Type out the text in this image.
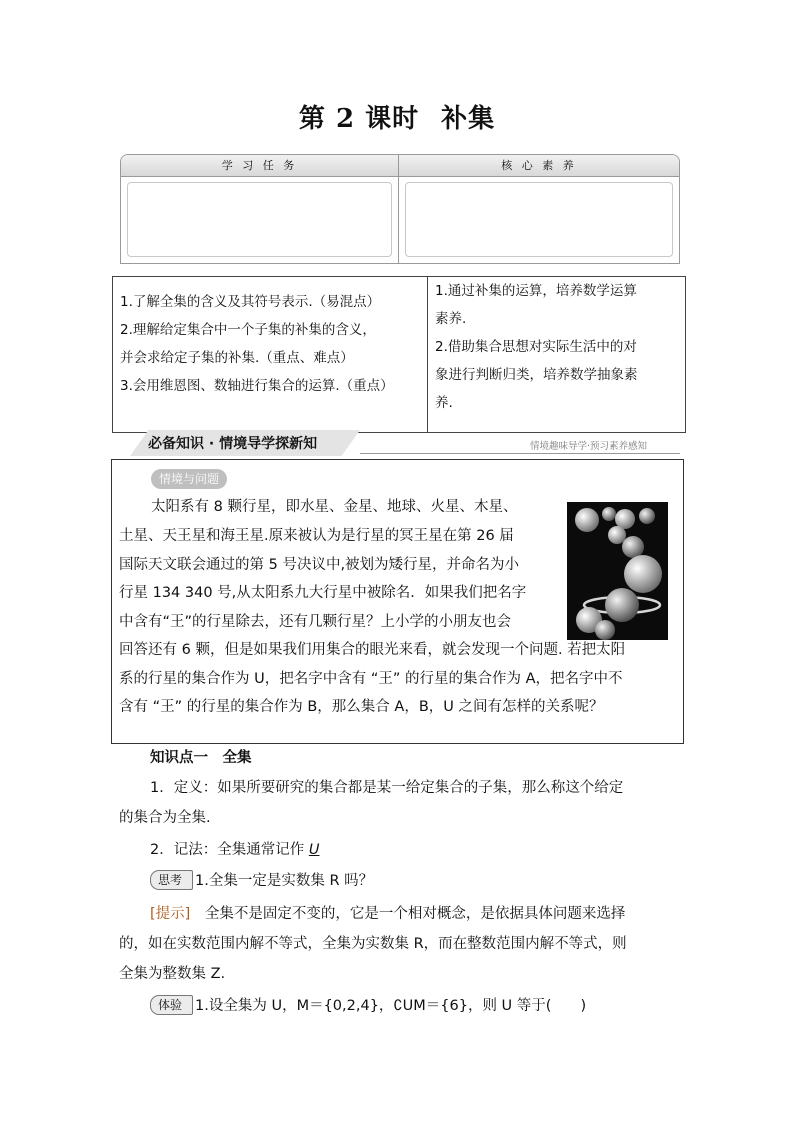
第 2 课时 补集
学 习 任 务	核 心 素 养

1.了解全集的含义及其符号表示.（易混点）

2.理解给定集合中一个子集的补集的含义，

并会求给定子集的补集.（重点、难点）

3.会用维恩图、数轴进行集合的运算.（重点）

1.通过补集的运算，培养数学运算

素养.

2.借助集合思想对实际生活中的对

象进行判断归类，培养数学抽象素

养.

必备知识 · 情境导学探新知	情境趣味导学·预习素养感知
情境与问题

太阳系有 8 颗行星，即水星、金星、地球、火星、木星、

土星、天王星和海王星.原来被认为是行星的冥王星在第 26 届

国际天文联会通过的第 5 号决议中,被划为矮行星，并命名为小

行星 134 340 号,从太阳系九大行星中被除名．如果我们把名字

中含有“王”的行星除去，还有几颗行星？上小学的小朋友也会

回答还有 6 颗，但是如果我们用集合的眼光来看，就会发现一个问题. 若把太阳

系的行星的集合作为 U，把名字中含有 “王” 的行星的集合作为 A，把名字中不

含有 “王” 的行星的集合作为 B，那么集合 A，B，U 之间有怎样的关系呢？

知识点一　全集

1．定义：如果所要研究的集合都是某一给定集合的子集，那么称这个给定

的集合为全集.

2．记法：全集通常记作 U

思考 1.全集一定是实数集 R 吗？

[提示]　全集不是固定不变的，它是一个相对概念，是依据具体问题来选择

的，如在实数范围内解不等式，全集为实数集 R，而在整数范围内解不等式，则

全集为整数集 Z.

体验 1.设全集为 U，M＝{0,2,4}，∁UM＝{6}，则 U 等于(　　)
